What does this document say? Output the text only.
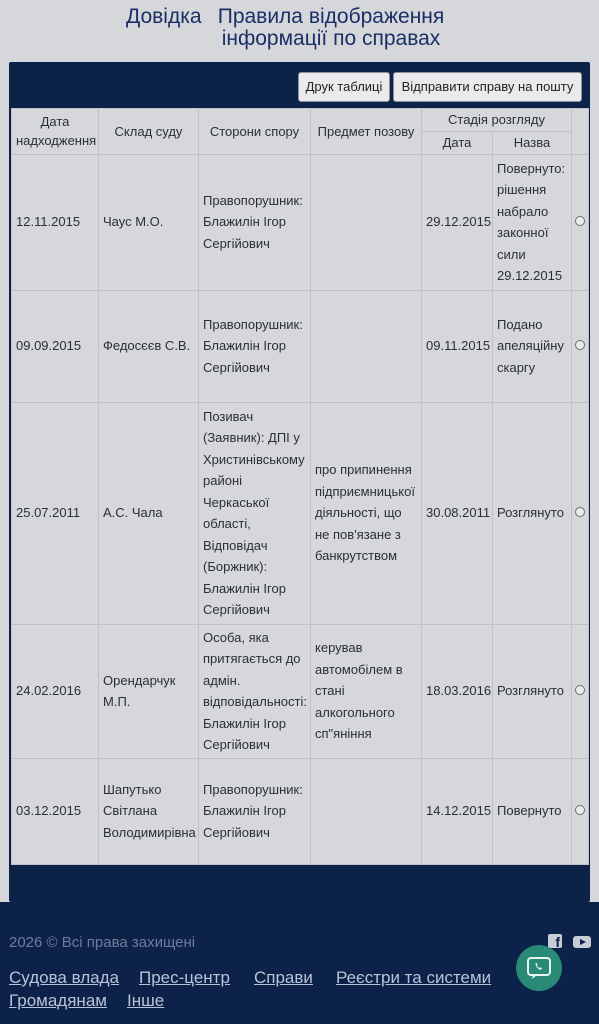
Довідка Правила відображення
інформації по справах
Друк таблиці	Відправити справу на пошту
Дата надходження	Склад суду	Сторони спору	Предмет позову	Стадія розгляду		
				Дата	Назва	
12.11.2015	Чаус М.О.	Правопорушник: Блажилін Ігор Сергійович		29.12.2015	Повернуто: рішення набрало законної сили 29.12.2015	
09.09.2015	Федосєєв С.В.	Правопорушник: Блажилін Ігор Сергійович		09.11.2015	Подано апеляційну скаргу	
25.07.2011	А.С. Чала	Позивач (Заявник): ДПІ у Христинівському районі Черкаської області, Відповідач (Боржник): Блажилін Ігор Сергійович	про припинення підприємницької діяльності, що не пов'язане з банкрутством	30.08.2011	Розглянуто	
24.02.2016	Орендарчук М.П.	Особа, яка притягається до адмін. відповідальності: Блажилін Ігор Сергійович	керував автомобілем в стані алкогольного сп"яніння	18.03.2016	Розглянуто	
03.12.2015	Шапутько Світлана Володимирівна	Правопорушник: Блажилін Ігор Сергійович		14.12.2015	Повернуто	
2026 © Всі права захищені	f
Судова влада Прес-центр Справи Реєстри та системи
Громадянам Інше
